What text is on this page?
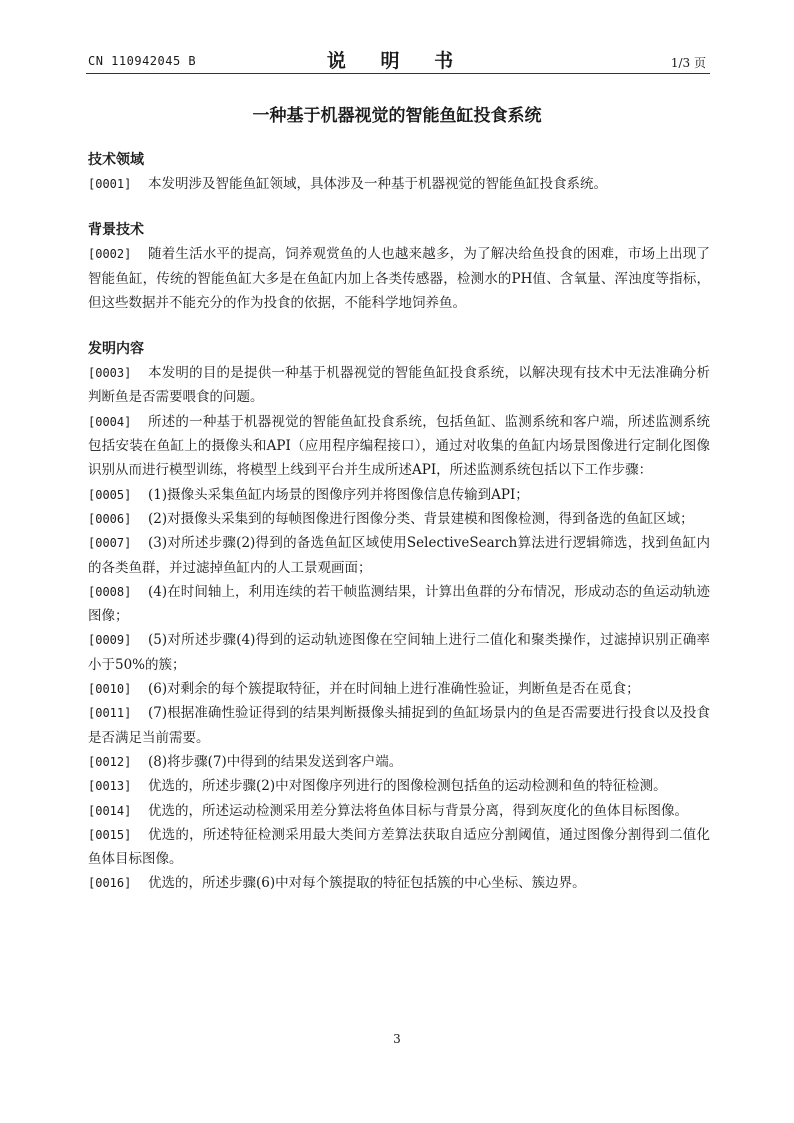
CN 110942045 B	说 明 书	1/3 页
一种基于机器视觉的智能鱼缸投食系统
技术领域
[0001] 本发明涉及智能鱼缸领域，具体涉及一种基于机器视觉的智能鱼缸投食系统。
背景技术
[0002] 随着生活水平的提高，饲养观赏鱼的人也越来越多，为了解决给鱼投食的困难，市场上出现了智能鱼缸，传统的智能鱼缸大多是在鱼缸内加上各类传感器，检测水的PH值、含氧量、浑浊度等指标，但这些数据并不能充分的作为投食的依据，不能科学地饲养鱼。
发明内容
[0003] 本发明的目的是提供一种基于机器视觉的智能鱼缸投食系统，以解决现有技术中无法准确分析判断鱼是否需要喂食的问题。
[0004] 所述的一种基于机器视觉的智能鱼缸投食系统，包括鱼缸、监测系统和客户端，所述监测系统包括安装在鱼缸上的摄像头和API（应用程序编程接口），通过对收集的鱼缸内场景图像进行定制化图像识别从而进行模型训练，将模型上线到平台并生成所述API，所述监测系统包括以下工作步骤：
[0005] (1)摄像头采集鱼缸内场景的图像序列并将图像信息传输到API；
[0006] (2)对摄像头采集到的每帧图像进行图像分类、背景建模和图像检测，得到备选的鱼缸区域；
[0007] (3)对所述步骤(2)得到的备选鱼缸区域使用SelectiveSearch算法进行逻辑筛选，找到鱼缸内的各类鱼群，并过滤掉鱼缸内的人工景观画面；
[0008] (4)在时间轴上，利用连续的若干帧监测结果，计算出鱼群的分布情况，形成动态的鱼运动轨迹图像；
[0009] (5)对所述步骤(4)得到的运动轨迹图像在空间轴上进行二值化和聚类操作，过滤掉识别正确率小于50%的簇；
[0010] (6)对剩余的每个簇提取特征，并在时间轴上进行准确性验证，判断鱼是否在觅食；
[0011] (7)根据准确性验证得到的结果判断摄像头捕捉到的鱼缸场景内的鱼是否需要进行投食以及投食是否满足当前需要。
[0012] (8)将步骤(7)中得到的结果发送到客户端。
[0013] 优选的，所述步骤(2)中对图像序列进行的图像检测包括鱼的运动检测和鱼的特征检测。
[0014] 优选的，所述运动检测采用差分算法将鱼体目标与背景分离，得到灰度化的鱼体目标图像。
[0015] 优选的，所述特征检测采用最大类间方差算法获取自适应分割阈值，通过图像分割得到二值化鱼体目标图像。
[0016] 优选的，所述步骤(6)中对每个簇提取的特征包括簇的中心坐标、簇边界。
3
